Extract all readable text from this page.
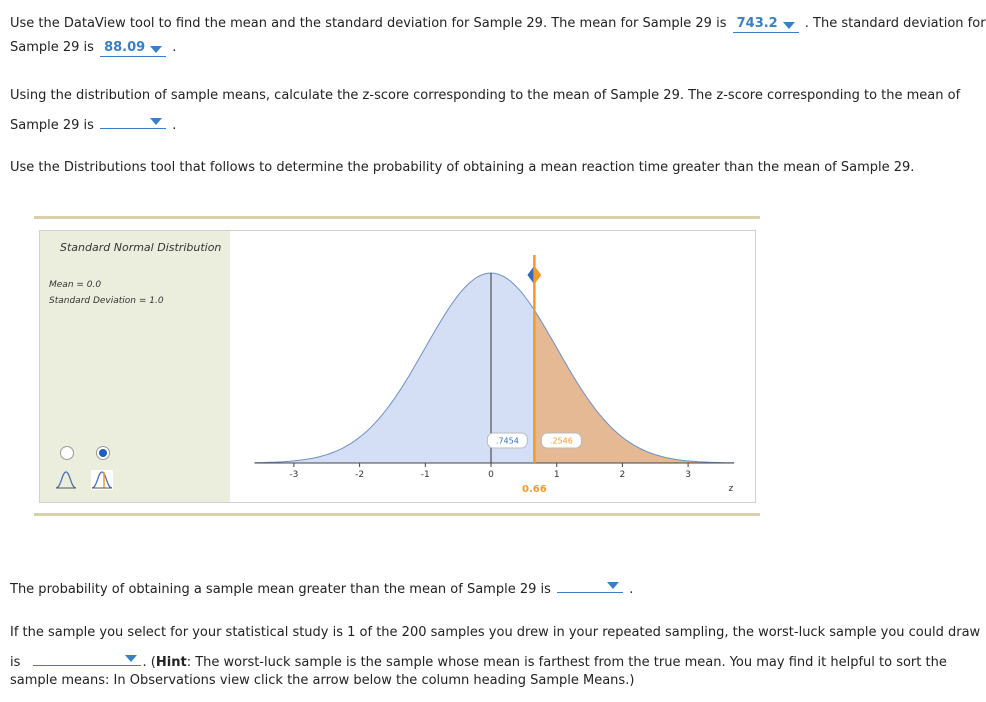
Use the DataView tool to find the mean and the standard deviation for Sample 29. The mean for Sample 29 is 743.2 . The standard deviation for
Sample 29 is 88.09 .
Using the distribution of sample means, calculate the z-score corresponding to the mean of Sample 29. The z-score corresponding to the mean of
Sample 29 is	.
Use the Distributions tool that follows to determine the probability of obtaining a mean reaction time greater than the mean of Sample 29.
Standard Normal Distribution
Mean = 0.0
Standard Deviation = 1.0
-3	-2	-1	0	1	2	3
.7454	.2546
0.66	z
The probability of obtaining a sample mean greater than the mean of Sample 29 is	.
If the sample you select for your statistical study is 1 of the 200 samples you drew in your repeated sampling, the worst-luck sample you could draw
is	. (Hint: The worst-luck sample is the sample whose mean is farthest from the true mean. You may find it helpful to sort the
sample means: In Observations view click the arrow below the column heading Sample Means.)
